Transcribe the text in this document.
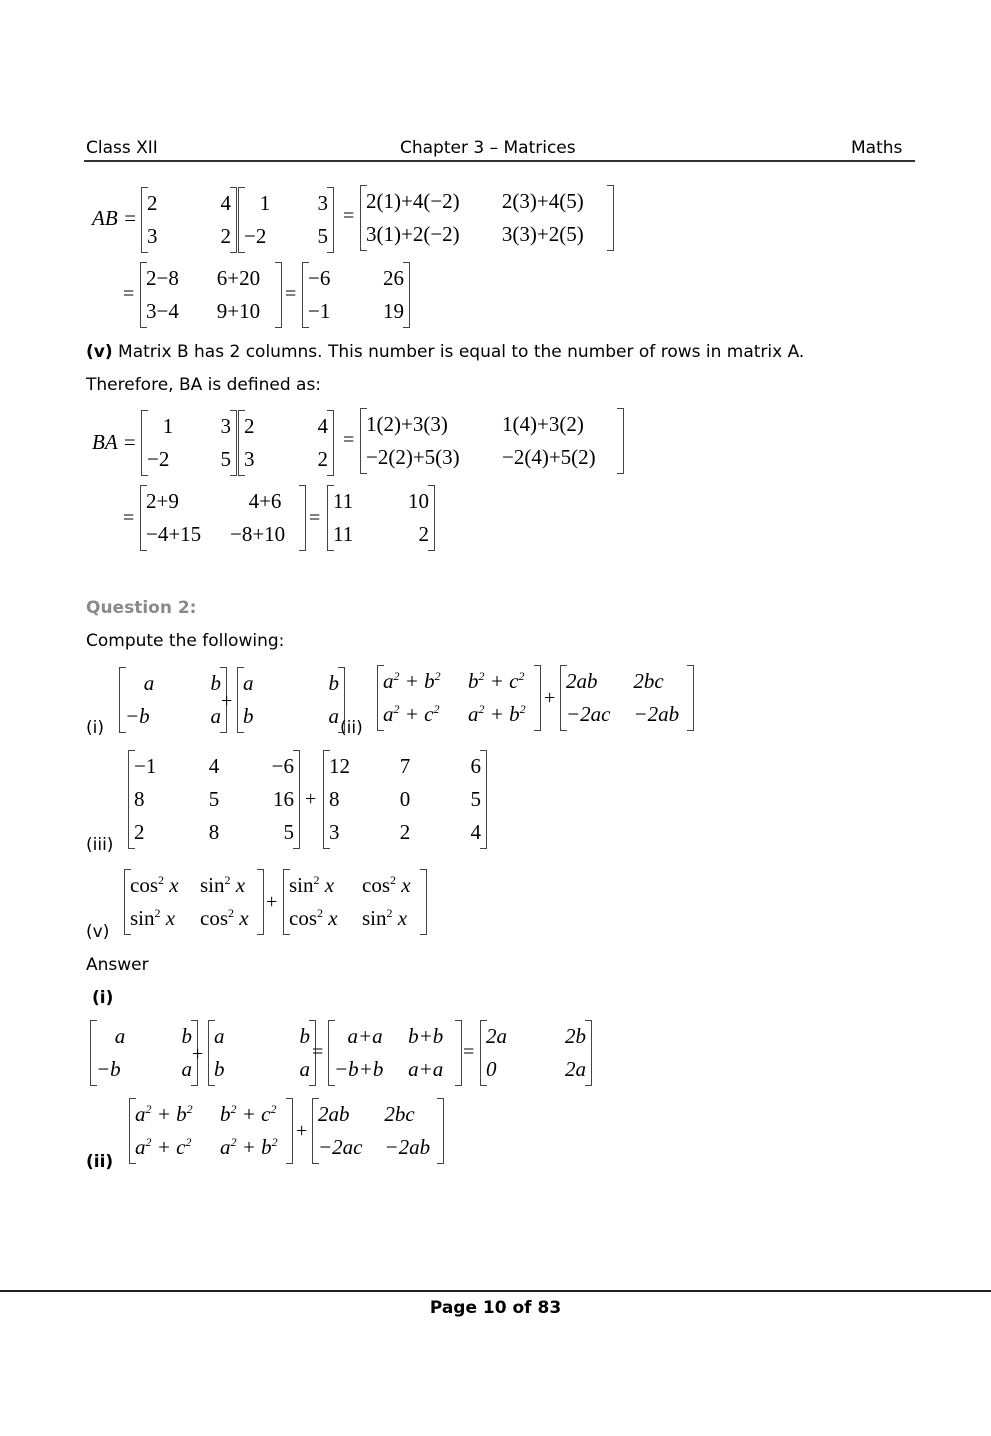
Class XII	Chapter 3 – Matrices	Maths
AB =
2	4
3	2
1	3
−2	5
=
2(1)+4(−2)	2(3)+4(5)
3(1)+2(−2)	3(3)+2(5)
=
2−8	6+20
3−4	9+10
=
−6	26
−1	19
(v) Matrix B has 2 columns. This number is equal to the number of rows in matrix A.
Therefore, BA is defined as:
BA =
1	3
−2	5
2	4
3	2
=
1(2)+3(3)	1(4)+3(2)
−2(2)+5(3)	−2(4)+5(2)
=
2+9	4+6
−4+15	−8+10
=
11	10
11	2
Question 2:
Compute the following:
(i)
a	b
−b	a
+
a	b
b	a (ii)
$a^2 + b^2$	$b^2 + c^2$
$a^2 + c^2$	$a^2 + b^2$ +
2ab	2bc
−2ac	−2ab
(iii)
−1	4	−6
8	5	16
2	8	5
+
12	7	6
8	0	5
3	2	4
(v)
$\cos^2 x$	$\sin^2 x$
$\sin^2 x$	$\cos^2 x$
+
$\sin^2 x$	$\cos^2 x$
$\cos^2 x$	$\sin^2 x$
Answer
(i)
a	b
−b	a
+
a	b
b	a
=
a+a	b+b
−b+b	a+a
=
2a	2b
0	2a
(ii)
$a^2 + b^2$	$b^2 + c^2$
$a^2 + c^2$	$a^2 + b^2$ +
2ab	2bc
−2ac	−2ab
Page 10 of 83
